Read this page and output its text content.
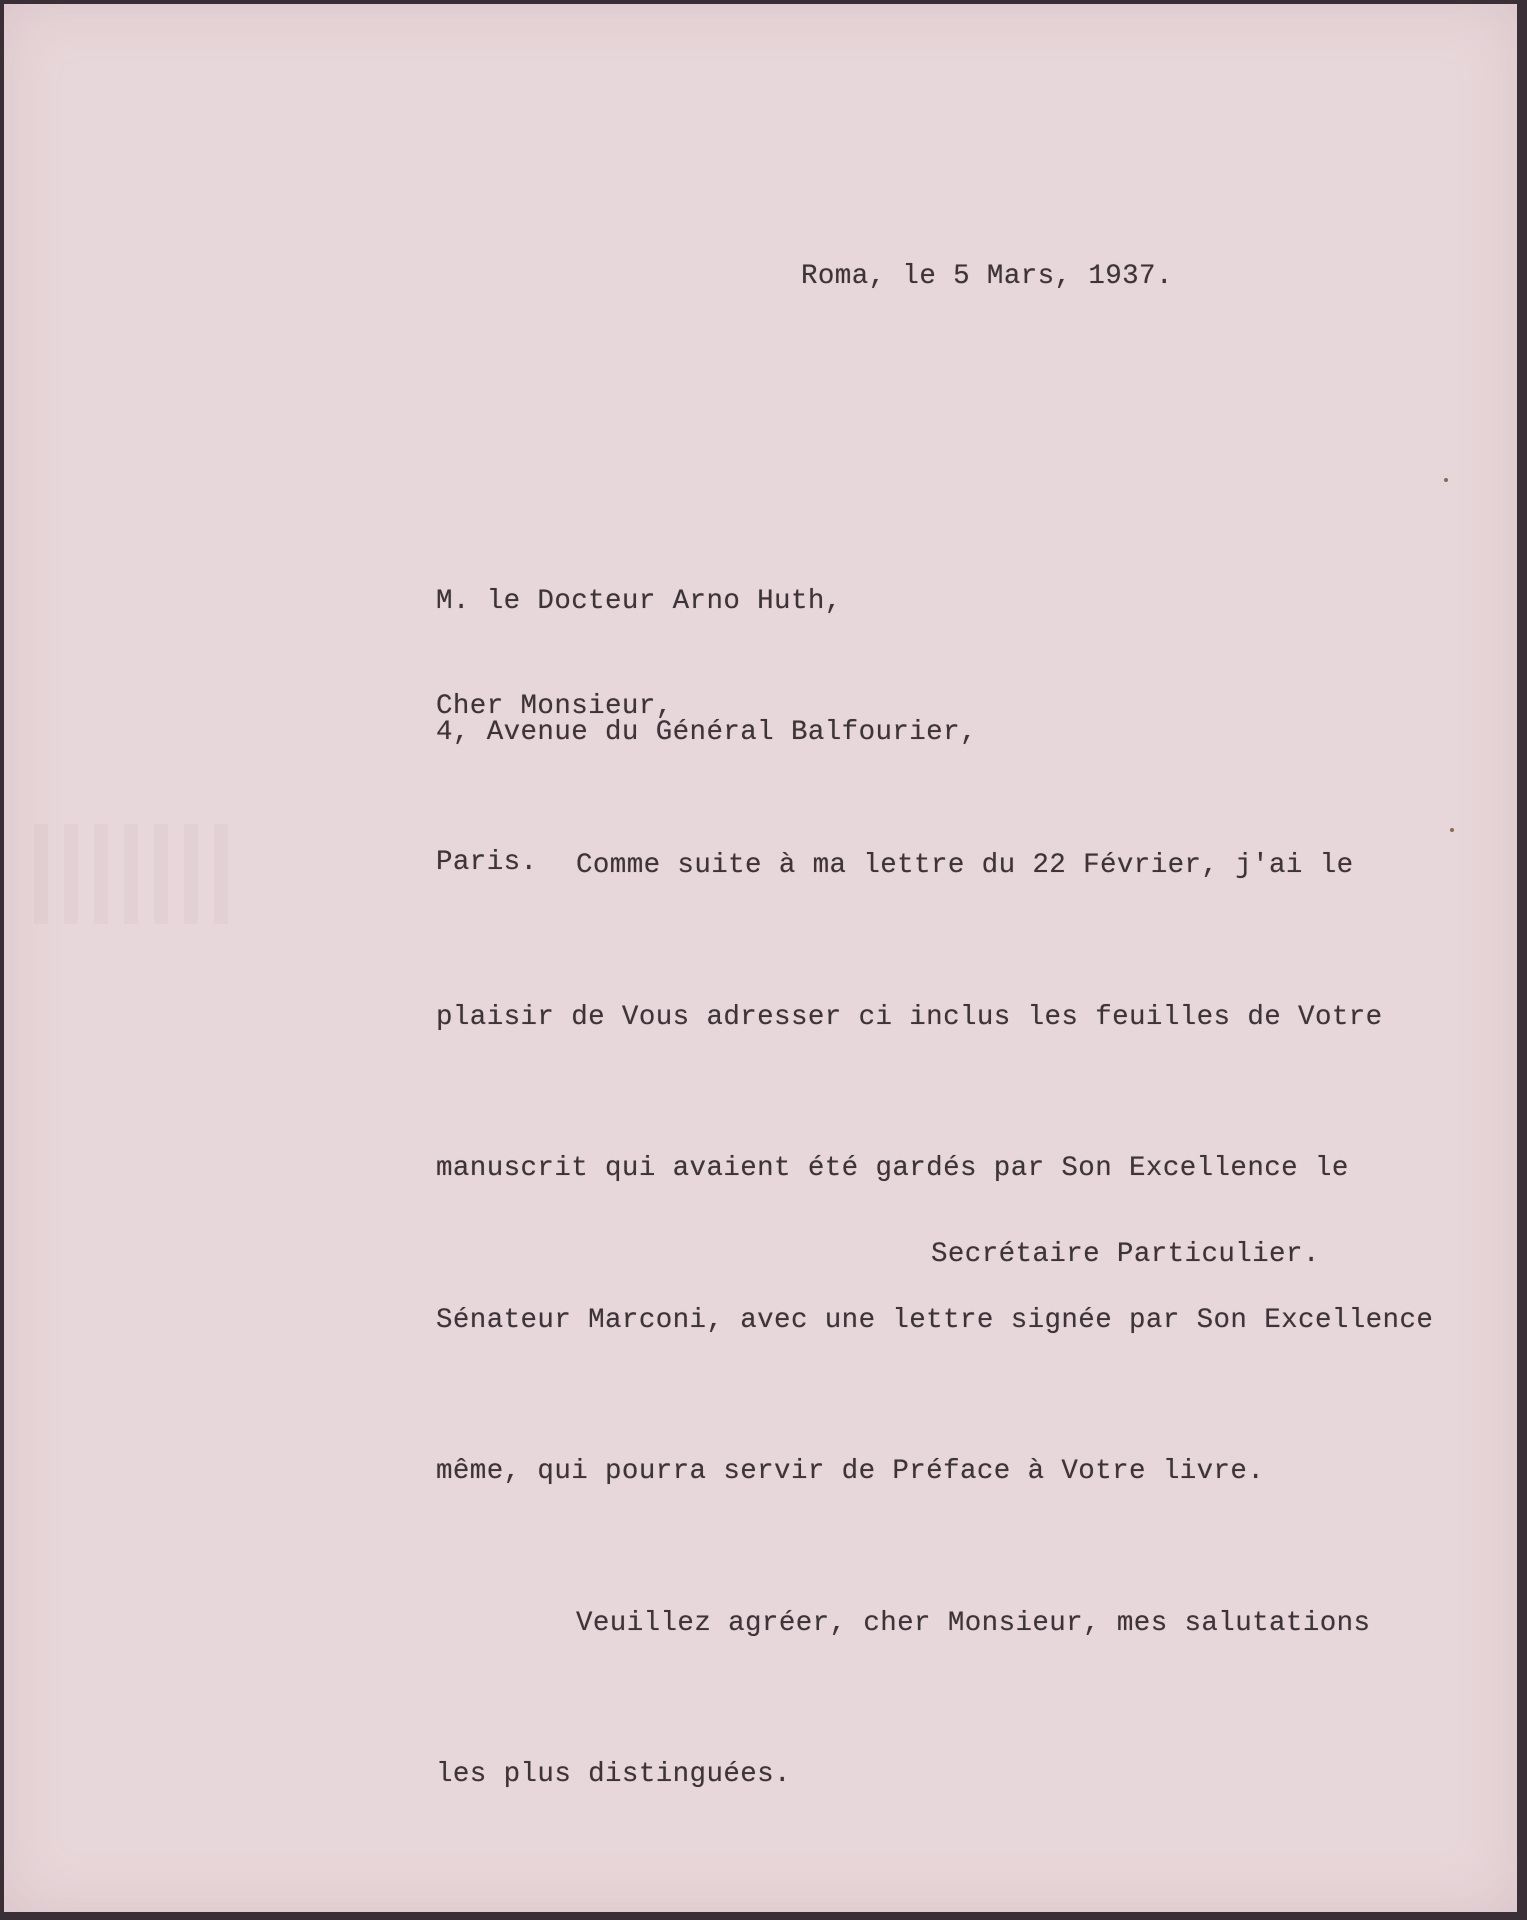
Roma, le 5 Mars, 1937.

M. le Docteur Arno Huth,

4, Avenue du Général Balfourier,

Paris.

Cher Monsieur,

Comme suite à ma lettre du 22 Février, j'ai le

plaisir de Vous adresser ci inclus les feuilles de Votre

manuscrit qui avaient été gardés par Son Excellence le

Sénateur Marconi, avec une lettre signée par Son Excellence

même, qui pourra servir de Préface à Votre livre.

Veuillez agréer, cher Monsieur, mes salutations

les plus distinguées.

Secrétaire Particulier.
